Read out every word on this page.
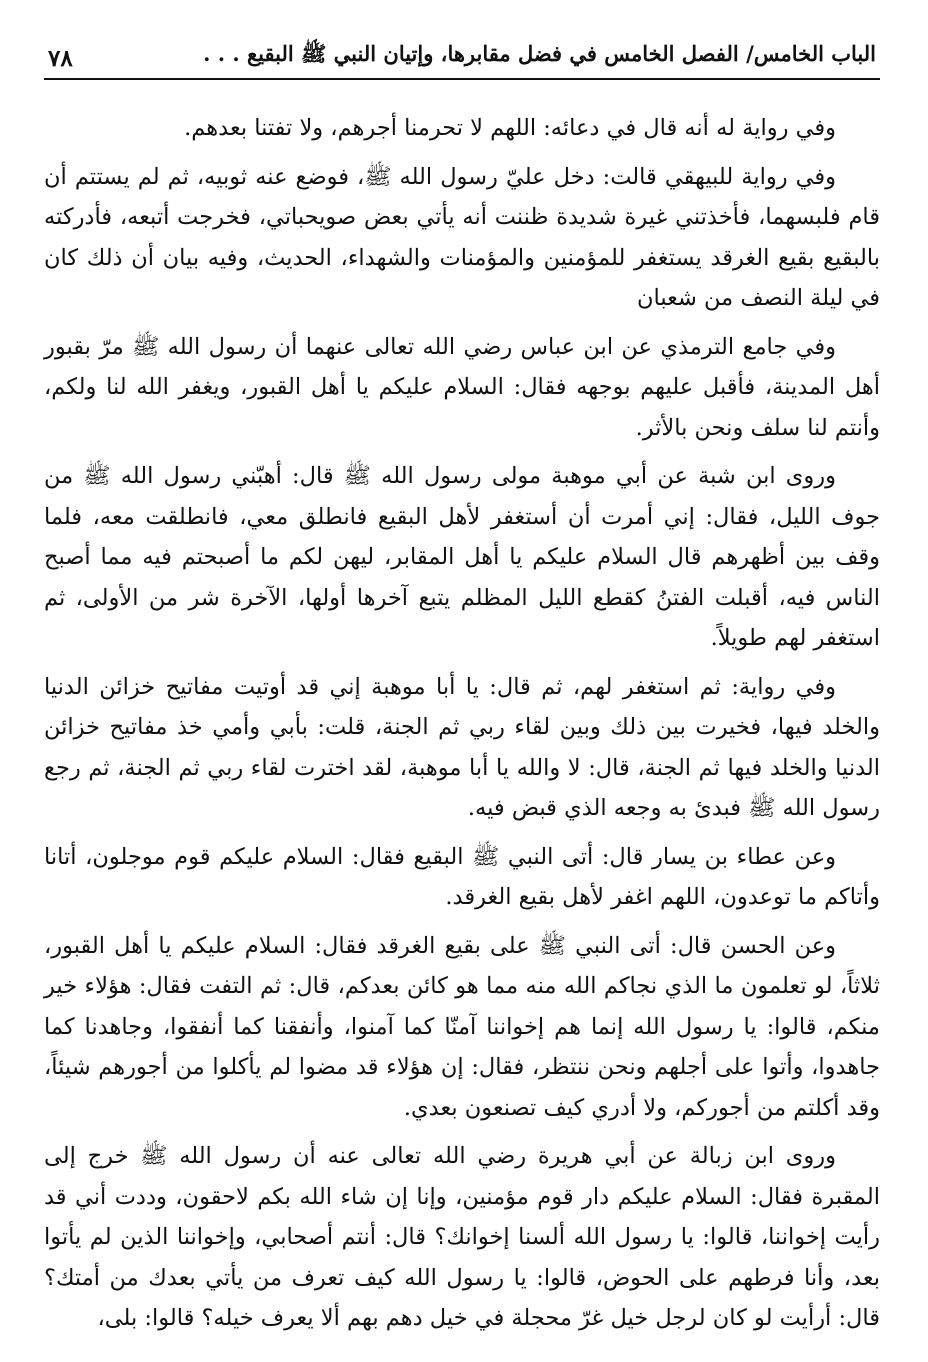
الباب الخامس/ الفصل الخامس في فضل مقابرها، وإتيان النبي ﷺ البقيع . . .
٧٨

وفي رواية له أنه قال في دعائه: اللهم لا تحرمنا أجرهم، ولا تفتنا بعدهم.

وفي رواية للبيهقي قالت: دخل عليّ رسول الله ﷺ، فوضع عنه ثوبيه، ثم لم يستتم أن قام فلبسهما، فأخذتني غيرة شديدة ظننت أنه يأتي بعض صويحباتي، فخرجت أتبعه، فأدركته بالبقيع بقيع الغرقد يستغفر للمؤمنين والمؤمنات والشهداء، الحديث، وفيه بيان أن ذلك كان في ليلة النصف من شعبان

وفي جامع الترمذي عن ابن عباس رضي الله تعالى عنهما أن رسول الله ﷺ مرّ بقبور أهل المدينة، فأقبل عليهم بوجهه فقال: السلام عليكم يا أهل القبور، ويغفر الله لنا ولكم، وأنتم لنا سلف ونحن بالأثر.

وروى ابن شبة عن أبي موهبة مولى رسول الله ﷺ قال: أهبّني رسول الله ﷺ من جوف الليل، فقال: إني أمرت أن أستغفر لأهل البقيع فانطلق معي، فانطلقت معه، فلما وقف بين أظهرهم قال السلام عليكم يا أهل المقابر، ليهن لكم ما أصبحتم فيه مما أصبح الناس فيه، أقبلت الفتنُ كقطع الليل المظلم يتبع آخرها أولها، الآخرة شر من الأولى، ثم استغفر لهم طويلاً.

وفي رواية: ثم استغفر لهم، ثم قال: يا أبا موهبة إني قد أوتيت مفاتيح خزائن الدنيا والخلد فيها، فخيرت بين ذلك وبين لقاء ربي ثم الجنة، قلت: بأبي وأمي خذ مفاتيح خزائن الدنيا والخلد فيها ثم الجنة، قال: لا والله يا أبا موهبة، لقد اخترت لقاء ربي ثم الجنة، ثم رجع رسول الله ﷺ فبدئ به وجعه الذي قبض فيه.

وعن عطاء بن يسار قال: أتى النبي ﷺ البقيع فقال: السلام عليكم قوم موجلون، أتانا وأتاكم ما توعدون، اللهم اغفر لأهل بقيع الغرقد.

وعن الحسن قال: أتى النبي ﷺ على بقيع الغرقد فقال: السلام عليكم يا أهل القبور، ثلاثاً، لو تعلمون ما الذي نجاكم الله منه مما هو كائن بعدكم، قال: ثم التفت فقال: هؤلاء خير منكم، قالوا: يا رسول الله إنما هم إخواننا آمنّا كما آمنوا، وأنفقنا كما أنفقوا، وجاهدنا كما جاهدوا، وأتوا على أجلهم ونحن ننتظر، فقال: إن هؤلاء قد مضوا لم يأكلوا من أجورهم شيئاً، وقد أكلتم من أجوركم، ولا أدري كيف تصنعون بعدي.

وروى ابن زبالة عن أبي هريرة رضي الله تعالى عنه أن رسول الله ﷺ خرج إلى المقبرة فقال: السلام عليكم دار قوم مؤمنين، وإنا إن شاء الله بكم لاحقون، وددت أني قد رأيت إخواننا، قالوا: يا رسول الله ألسنا إخوانك؟ قال: أنتم أصحابي، وإخواننا الذين لم يأتوا بعد، وأنا فرطهم على الحوض، قالوا: يا رسول الله كيف تعرف من يأتي بعدك من أمتك؟ قال: أرأيت لو كان لرجل خيل غرّ محجلة في خيل دهم بهم ألا يعرف خيله؟ قالوا: بلى،
